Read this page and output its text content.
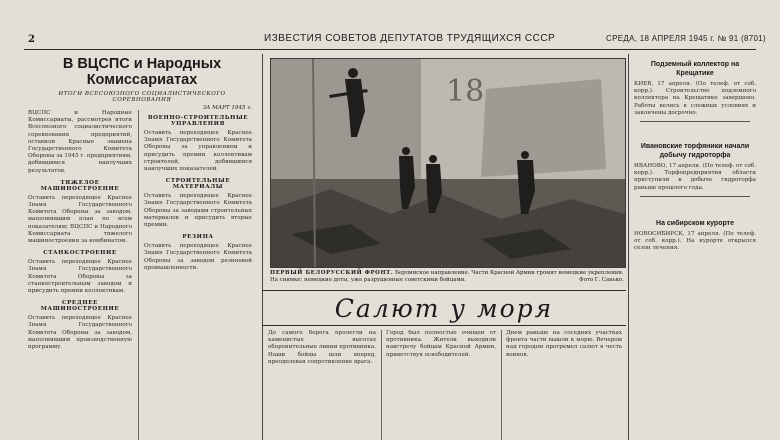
2	ИЗВЕСТИЯ СОВЕТОВ ДЕПУТАТОВ ТРУДЯЩИХСЯ СССР	СРЕДА, 18 АПРЕЛЯ 1945 г. № 91 (8701)
В ВЦСПС и Народных
Комиссариатах
ИТОГИ ВСЕСОЮЗНОГО СОЦИАЛИСТИЧЕСКОГО СОРЕВНОВАНИЯ
ЗА МАРТ 1945 г.
ВЦСПС и Народные Комиссариаты, рассмотрев итоги Всесоюзного социалистического соревнования предприятий, оставили Красные знамена Государственного Комитета Обороны за 1945 г. предприятиям, добившимся наилучших результатов.
ТЯЖЕЛОЕ МАШИНОСТРОЕНИЕ
Оставить переходящее Красное Знамя Государственного Комитета Обороны за заводом, выполнившим план по всем показателям; ВЦСПС и Народного Комиссариата тяжелого машиностроения за комбинатом.
СТАНКОСТРОЕНИЕ
Оставить переходящее Красное Знамя Государственного Комитета Обороны за станкостроительным заводом и присудить премии коллективам.
СРЕДНЕЕ МАШИНОСТРОЕНИЕ
Оставить переходящее Красное Знамя Государственного Комитета Обороны за заводом, выполнившим производственную программу.
ВОЕННО-СТРОИТЕЛЬНЫЕ УПРАВЛЕНИЯ
Оставить переходящее Красное Знамя Государственного Комитета Обороны за управлением и присудить премии коллективам строителей, добившимся наилучших показателей.
СТРОИТЕЛЬНЫЕ МАТЕРИАЛЫ
Оставить переходящее Красное Знамя Государственного Комитета Обороны за заводами строительных материалов и присудить вторые премии.
РЕЗИНА
Оставить переходящее Красное Знамя Государственного Комитета Обороны за заводом резиновой промышленности.
18
ПЕРВЫЙ БЕЛОРУССКИЙ ФРОНТ. Берлинское направление. Части Красной Армии громят немецкие укрепления. На снимке: немецкие доты, уже разрушенные советскими бойцами.	Фото Г. Санько.
Салют у моря
До самого берега пролегли на каменистых высотах оборонительные линии противника. Наши бойцы шли вперед, преодолевая сопротивление врага.
Город был полностью очищен от противника. Жители выходили навстречу бойцам Красной Армии, приветствуя освободителей.
Днем раньше на соседних участках фронта части вышли к морю. Вечером над городом прогремел салют в честь воинов.
Подземный коллектор на Крещатике
КИЕВ, 17 апреля. (По телеф. от соб. корр.). Строительство подземного коллектора на Крещатике завершено. Работы велись в сложных условиях и закончены досрочно.
Ивановские торфяники начали добычу гидроторфа
ИВАНОВО, 17 апреля. (По телеф. от соб. корр.). Торфопредприятия области приступили к добыче гидроторфа раньше прошлого года.
На сибирском курорте
НОВОСИБИРСК, 17 апреля. (По телеф. от соб. корр.). На курорте открылся сезон лечения.
